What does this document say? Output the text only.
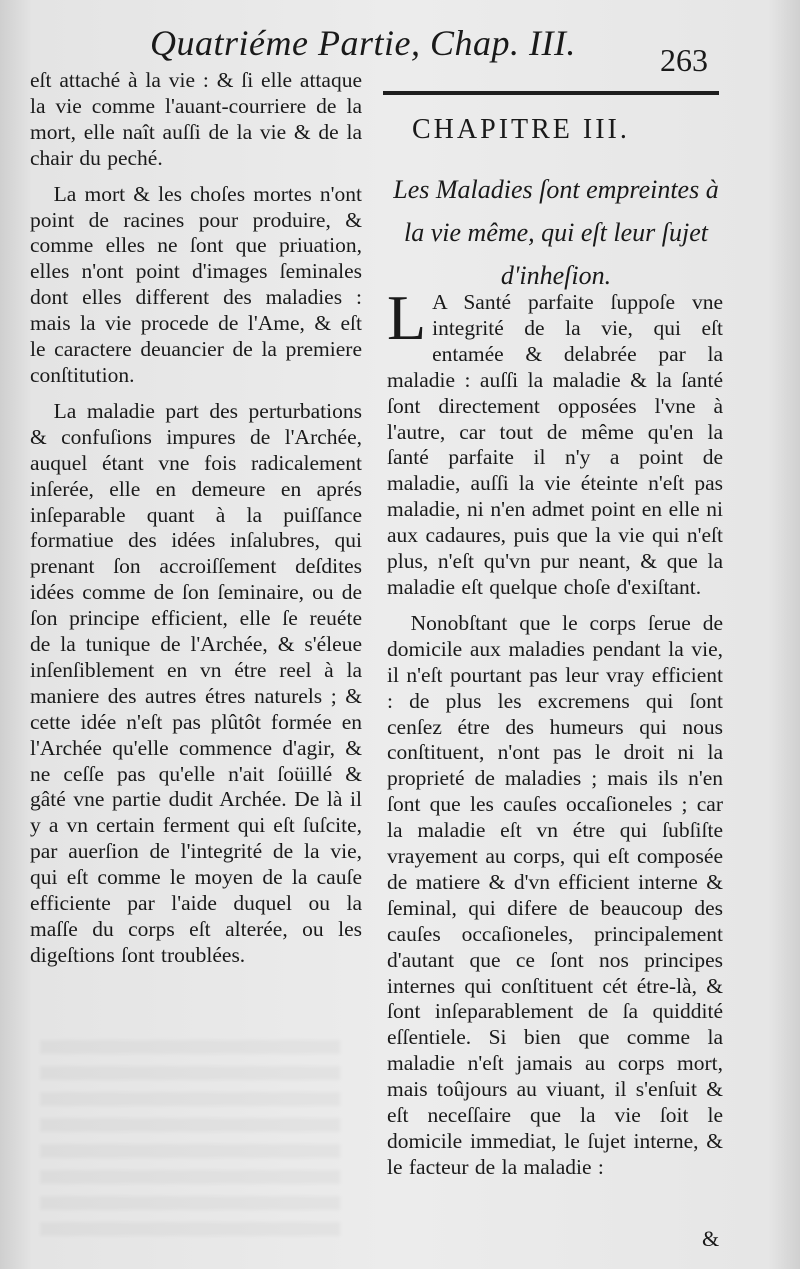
Quatriéme Partie, Chap. III.	263

eſt attaché à la vie : & ſi elle attaque la vie comme l'auant-courriere de la mort, elle naît auſſi de la vie & de la chair du peché.

La mort & les choſes mortes n'ont point de racines pour produire, & comme elles ne ſont que priuation, elles n'ont point d'images ſeminales dont elles different des maladies : mais la vie procede de l'Ame, & eſt le caractere deuancier de la premiere conſtitution.

La maladie part des perturbations & confuſions impures de l'Archée, auquel étant vne fois radicalement inſerée, elle en demeure en aprés inſeparable quant à la puiſſance formatiue des idées inſalubres, qui prenant ſon accroiſſement deſdites idées comme de ſon ſeminaire, ou de ſon principe efficient, elle ſe reuéte de la tunique de l'Archée, & s'éleue inſenſiblement en vn étre reel à la maniere des autres étres naturels ; & cette idée n'eſt pas plûtôt formée en l'Archée qu'elle commence d'agir, & ne ceſſe pas qu'elle n'ait ſoüillé & gâté vne partie dudit Archée. De là il y a vn certain ferment qui eſt ſuſcite, par auerſion de l'integrité de la vie, qui eſt comme le moyen de la cauſe efficiente par l'aide duquel ou la maſſe du corps eſt alterée, ou les digeſtions ſont troublées.

CHAPITRE III.
Les Maladies ſont empreintes à la vie même, qui eſt leur ſujet d'inheſion.

L A Santé parfaite ſuppoſe vne integrité de la vie, qui eſt entamée & delabrée par la maladie : auſſi la maladie & la ſanté ſont directement opposées l'vne à l'autre, car tout de même qu'en la ſanté parfaite il n'y a point de maladie, auſſi la vie éteinte n'eſt pas maladie, ni n'en admet point en elle ni aux cadaures, puis que la vie qui n'eſt plus, n'eſt qu'vn pur neant, & que la maladie eſt quelque choſe d'exiſtant.

Nonobſtant que le corps ſerue de domicile aux maladies pendant la vie, il n'eſt pourtant pas leur vray efficient : de plus les excremens qui ſont cenſez étre des humeurs qui nous conſtituent, n'ont pas le droit ni la proprieté de maladies ; mais ils n'en ſont que les cauſes occaſioneles ; car la maladie eſt vn étre qui ſubſiſte vrayement au corps, qui eſt composée de matiere & d'vn efficient interne & ſeminal, qui difere de beaucoup des cauſes occaſioneles, principalement d'autant que ce ſont nos principes internes qui conſtituent cét étre-là, & ſont inſeparablement de ſa quiddité eſſentiele. Si bien que comme la maladie n'eſt jamais au corps mort, mais toûjours au viuant, il s'enſuit & eſt neceſſaire que la vie ſoit le domicile immediat, le ſujet interne, & le facteur de la maladie :

&
